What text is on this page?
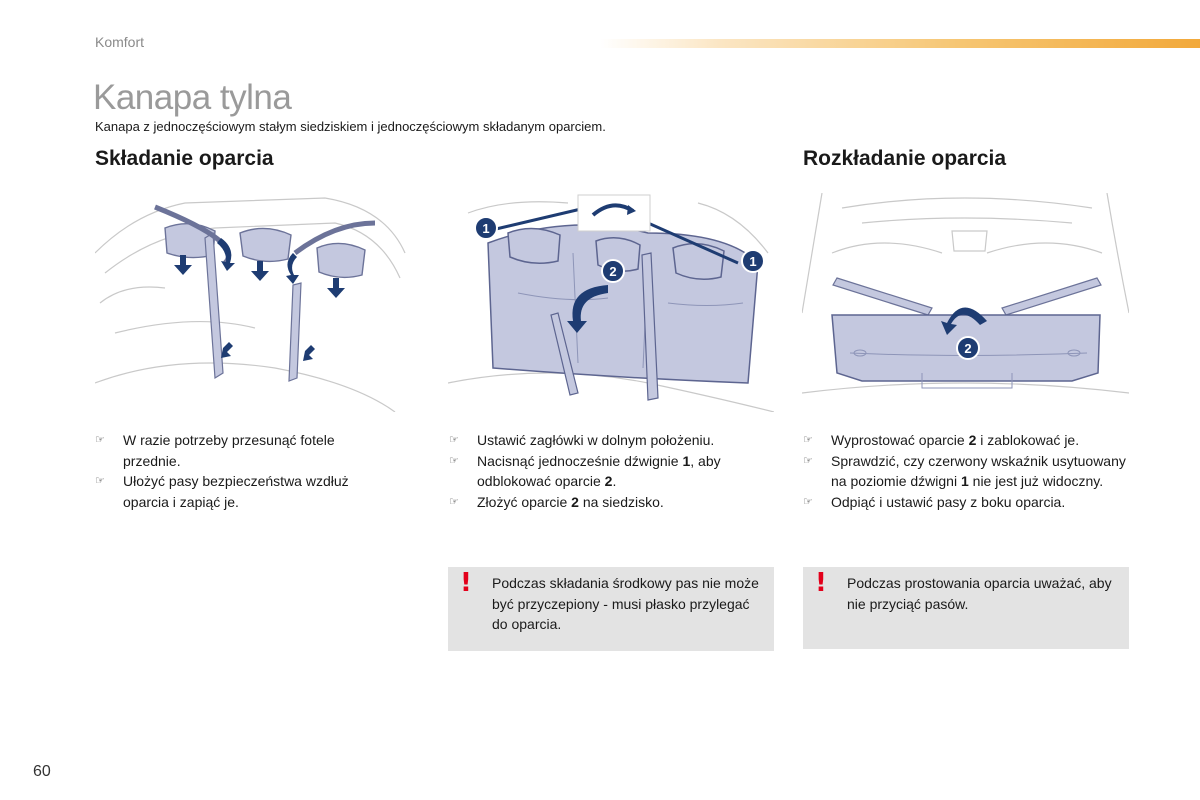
Komfort
Kanapa tylna

Kanapa z jednoczęściowym stałym siedziskiem i jednoczęściowym składanym oparciem.

Składanie oparcia	Rozkładanie oparcia
1
1
2
2
☞ W razie potrzeby przesunąć fotele przednie.
☞ Ułożyć pasy bezpieczeństwa wzdłuż oparcia i zapiąć je.
☞ Ustawić zagłówki w dolnym położeniu.
☞ Nacisnąć jednocześnie dźwignie 1, aby odblokować oparcie 2.
☞ Złożyć oparcie 2 na siedzisko.
☞ Wyprostować oparcie 2 i zablokować je.
☞ Sprawdzić, czy czerwony wskaźnik usytuowany na poziomie dźwigni 1 nie jest już widoczny.
☞ Odpiąć i ustawić pasy z boku oparcia.
! Podczas składania środkowy pas nie może być przyczepiony - musi płasko przylegać do oparcia.
! Podczas prostowania oparcia uważać, aby nie przyciąć pasów.
60
